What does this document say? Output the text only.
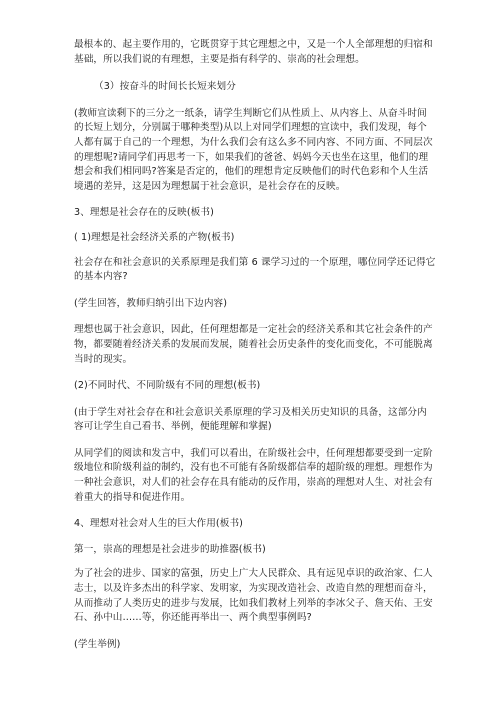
最根本的、起主要作用的，它既贯穿于其它理想之中，又是一个人全部理想的归宿和基础，所以我们说的有理想，主要是指有科学的、崇高的社会理想。

（3）按奋斗的时间长长短来划分

(教师宣读剩下的三分之一纸条，请学生判断它们从性质上、从内容上、从奋斗时间的长短上划分，分别属于哪种类型)从以上对同学们理想的宣读中，我们发现，每个人都有属于自己的一个理想，为什么我们会有这么多不同内容、不同方面、不同层次的理想呢?请同学们再思考一下，如果我们的爸爸、妈妈今天也坐在这里，他们的理想会和我们相同吗?答案是否定的，他们的理想肯定反映他们的时代色彩和个人生活境遇的差异，这是因为理想属于社会意识，是社会存在的反映。

3、理想是社会存在的反映(板书)

( 1)理想是社会经济关系的产物(板书)

社会存在和社会意识的关系原理是我们第 6 课学习过的一个原理，哪位同学还记得它的基本内容?

(学生回答，教师归纳引出下边内容)

理想也属于社会意识，因此，任何理想都是一定社会的经济关系和其它社会条件的产物，都要随着经济关系的发展而发展，随着社会历史条件的变化而变化，不可能脱离当时的现实。

(2)不同时代、不同阶级有不同的理想(板书)

(由于学生对社会存在和社会意识关系原理的学习及相关历史知识的具备，这部分内容可让学生自己看书、举例，便能理解和掌握)

从同学们的阅读和发言中，我们可以看出，在阶级社会中，任何理想都要受到一定阶级地位和阶级利益的制约，没有也不可能有各阶级都信奉的超阶级的理想。理想作为一种社会意识，对人们的社会存在具有能动的反作用，崇高的理想对人生、对社会有着重大的指导和促进作用。

4、理想对社会对人生的巨大作用(板书)

第一，崇高的理想是社会进步的助推器(板书)

为了社会的进步、国家的富强，历史上广大人民群众、具有远见卓识的政治家、仁人志士，以及许多杰出的科学家、发明家，为实现改造社会、改造自然的理想而奋斗，从而推动了人类历史的进步与发展，比如我们教材上列举的李冰父子、詹天佑、王安石、孙中山……等，你还能再举出一、两个典型事例吗?

(学生举例)
